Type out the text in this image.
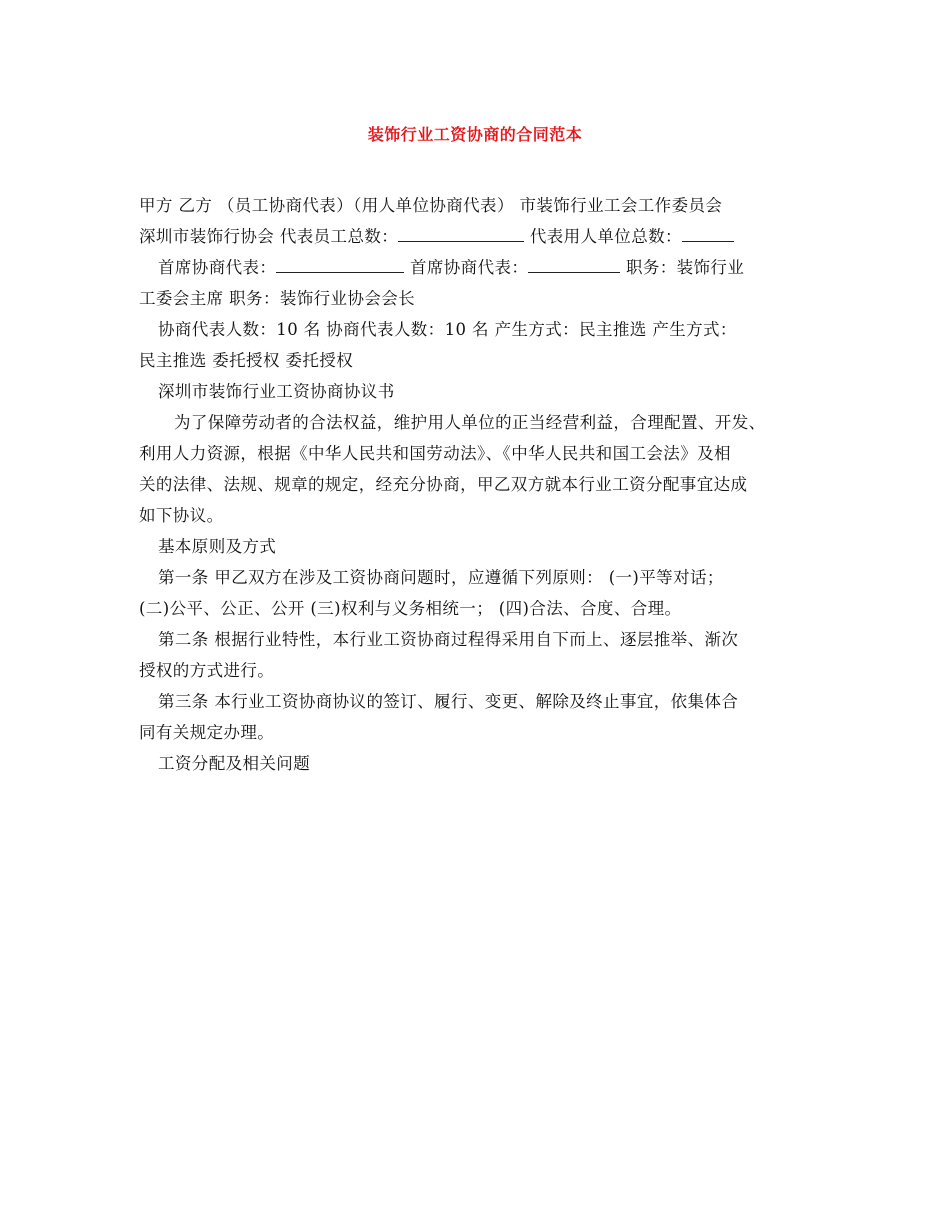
装饰行业工资协商的合同范本
甲方 乙方 （员工协商代表）（用人单位协商代表） 市装饰行业工会工作委员会
深圳市装饰行协会 代表员工总数：	代表用人单位总数：
首席协商代表：	首席协商代表：	职务：装饰行业
工委会主席 职务：装饰行业协会会长
协商代表人数：10 名 协商代表人数：10 名 产生方式：民主推选 产生方式：
民主推选 委托授权 委托授权
深圳市装饰行业工资协商协议书
为了保障劳动者的合法权益，维护用人单位的正当经营利益，合理配置、开发、
利用人力资源，根据《中华人民共和国劳动法》、《中华人民共和国工会法》及相
关的法律、法规、规章的规定，经充分协商，甲乙双方就本行业工资分配事宜达成
如下协议。
基本原则及方式
第一条 甲乙双方在涉及工资协商问题时，应遵循下列原则： (一)平等对话；
(二)公平、公正、公开 (三)权利与义务相统一； (四)合法、合度、合理。
第二条 根据行业特性，本行业工资协商过程得采用自下而上、逐层推举、渐次
授权的方式进行。
第三条 本行业工资协商协议的签订、履行、变更、解除及终止事宜，依集体合
同有关规定办理。
工资分配及相关问题
